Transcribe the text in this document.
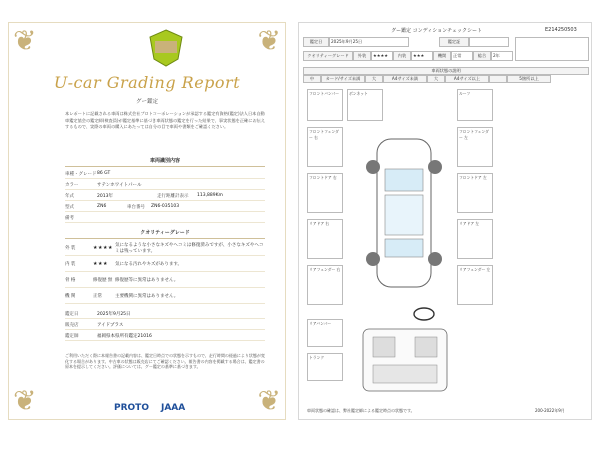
❦	❦
❦	❦
U-car Grading Report
グー鑑定
本レポートに記載される車両は株式会社プロトコーポレーションが承認する鑑定有資格(鑑定)法人日本自動車鑑定協会の鑑定師(検査員)が鑑定基準に基づき車両状態の鑑定を行った結果で、事実状態を正確にお伝えするもので、実際の車両の購入にあたっては自分の目で車両や書類をご確認ください。
車両識別内容
車種・グレード 86 GT
カラー	サテンホワイトパール
年式	2013年	走行距離計表示	113,889Km
型式	ZN6	車台番号	ZN6-035103
備考
クオリティーグレード
外 装	★★★★ 気になるような小さなキズやヘコミは修復済みですが、小さなキズやヘコミは残っています。
内 装	★★★	気になる汚れやキズがあります。
骨 格	修復歴 無 修復歴等に異常はありません。
機 関	正常	主要機関に異常はありません。
鑑定日	2025年9月25日
販売店	アイドプラス
鑑定師	福岡県本県所有鑑定21016
ご利用いただく際に本報告書の記載内容は、鑑定日時点での状態を示すもので、走行時間の経過により状態が変化する場合があります。中古車の状態は販売店にてご確認ください。報告書の内容を掲載する場合は、鑑定書の原本を提示してください。評価については、グー鑑定の基準に基づきます。
PROTO JAAA
グー鑑定 コンディションチェックシート	E214250503
鑑定日	2025年9月25日	鑑定証
クオリティーグレード	外装	★★★★	内装	★★★	機関	正常	総合	2年
車両状態の説明
中	カード/サイズ未満	大	A4サイズ未満	大	A4サイズ以上	5箇所以上
フロントバンパー	ボンネット
フロントフェンダー 右
フロントドア 右
リアドア 右
リアフェンダー 右
リアバンパー
トランク
ルーフ
フロントフェンダー 左
フロントドア 左
リアドア 左
リアフェンダー 左
車両状態の確認は、弊社鑑定師による鑑定時点の状態です。	200-2022年9月
